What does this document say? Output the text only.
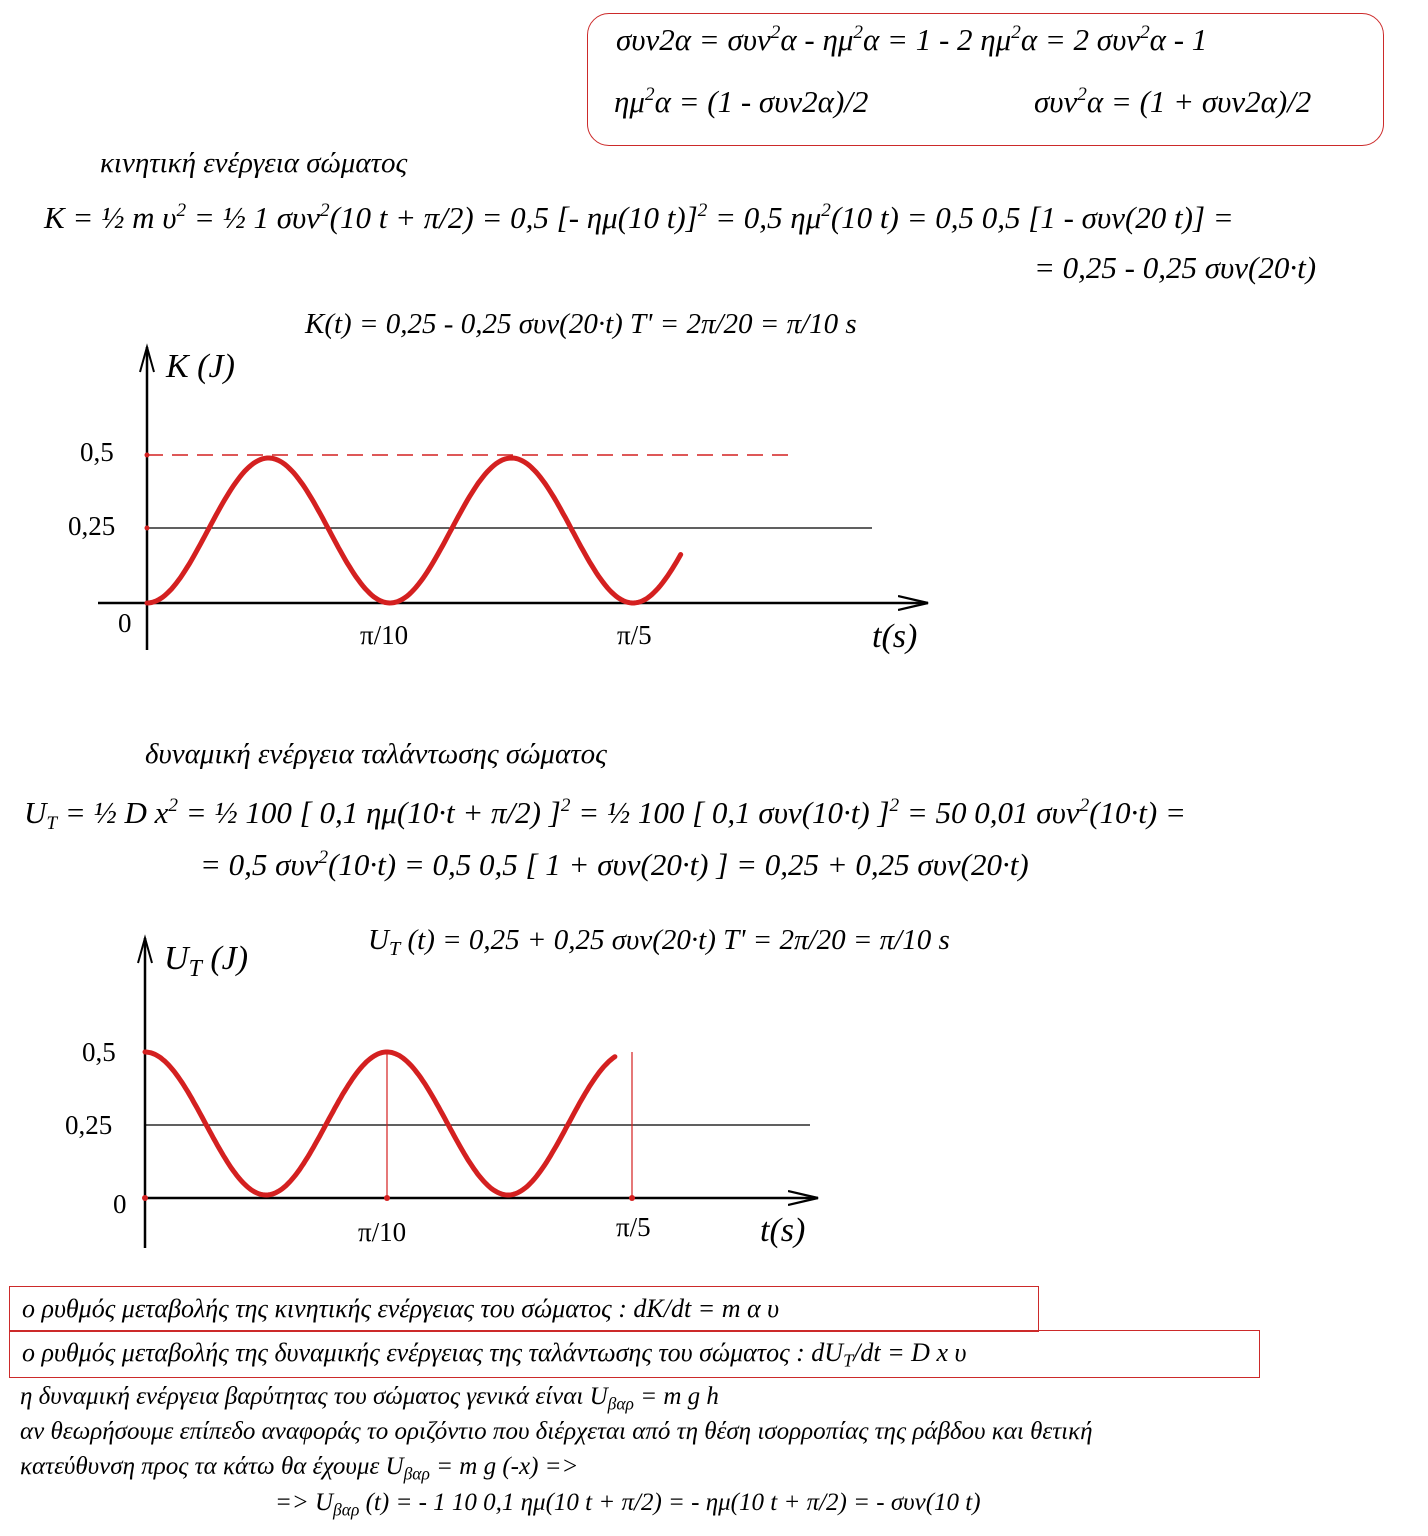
$\sigma\upsilon\nu 2\alpha = \sigma\upsilon\nu^2\alpha - \eta\mu^2\alpha = 1 - 2$ $\eta\mu^2\alpha = 2$ συν$^2$α - 1
$\eta\mu^2\alpha = (1 - \sigma\upsilon\nu 2\alpha)/2$	συν$^2$α = (1 + συν2α)/2
κινητική ενέργεια σώματος
K = ½ m $\upsilon^2$ = ½ 1 συν$^2$(10 t + π/2) = 0,5 [- ημ(10 t)]$^2$ = 0,5 $\eta\mu^2(10$ t) = 0,5 0,5 [1 - συν(20 t)] =
= 0,25 - 0,25 συν(20·t)
K(t) = 0,25 - 0,25 συν(20·t) T' = 2π/20 = π/10 s
K (J)
t(s)
0,5
0,25
0	π/10	π/5
δυναμική ενέργεια ταλάντωσης σώματος
$U_T$ = ½ D $x^2$ = ½ 100 [ 0,1 ημ(10·t + π/2) ]$^2$ = ½ 100 [ 0,1 συν(10·t) ]$^2$ = 50 0,01 συν$^2$(10·t) =
= 0,5 συν$^2$(10·t) = 0,5 0,5 [ 1 + συν(20·t) ] = 0,25 + 0,25 συν(20·t)
$U_T$ (t) = 0,25 + 0,25 συν(20·t) T' = 2π/20 = π/10 s
$U_T$ (J)
t(s)
0,5
0,25
0
π/10	π/5
ο ρυθμός μεταβολής της κινητικής ενέργειας του σώματος : dK/dt = m α υ
ο ρυθμός μεταβολής της δυναμικής ενέργειας της ταλάντωσης του σώματος : $dU_T/dt = D$ x υ
η δυναμική ενέργεια βαρύτητας του σώματος γενικά είναι $U_{\beta\alpha\rho} = m$ g h
αν θεωρήσουμε επίπεδο αναφοράς το οριζόντιο που διέρχεται από τη θέση ισορροπίας της ράβδου και θετική
κατεύθυνση προς τα κάτω θα έχουμε $U_{\beta\alpha\rho} = m$ g (-x) =>
=> $U_{\beta\alpha\rho}$ (t) = - 1 10 0,1 ημ(10 t + π/2) = - ημ(10 t + π/2) = - συν(10 t)
